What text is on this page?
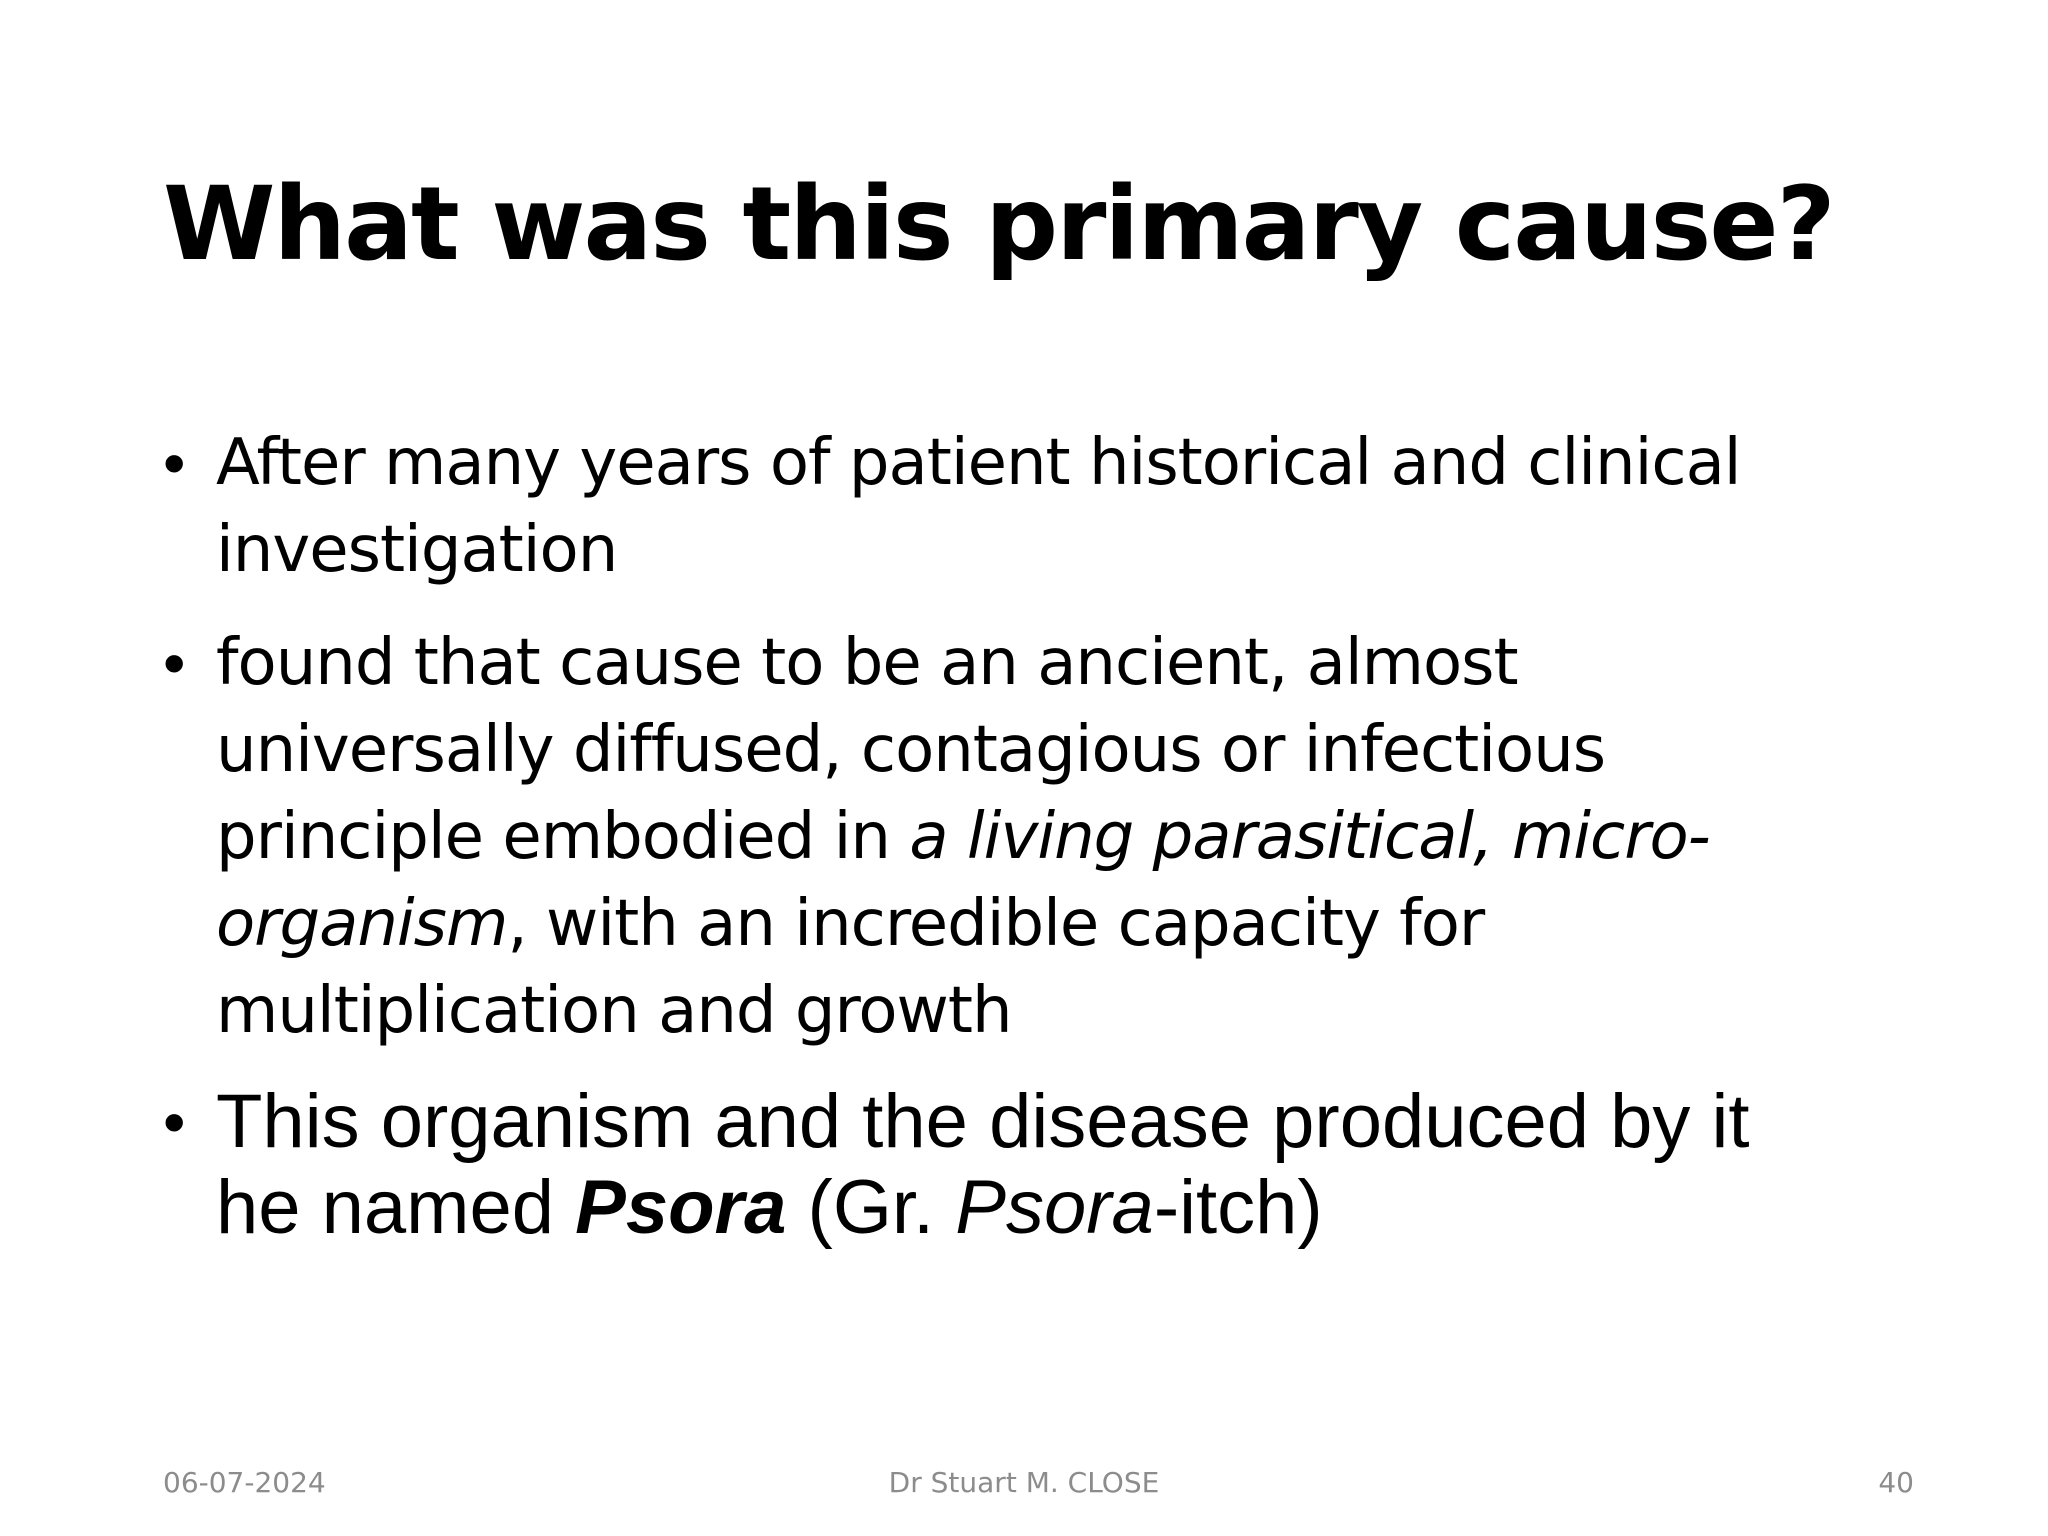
What was this primary cause?
• After many years of patient historical and clinical
investigation
• found that cause to be an ancient, almost
universally diffused, contagious or infectious
principle embodied in a living parasitical, micro-
organism, with an incredible capacity for
multiplication and growth
• This organism and the disease produced by it
he named Psora (Gr. Psora-itch)
06-07-2024	Dr Stuart M. CLOSE	40
